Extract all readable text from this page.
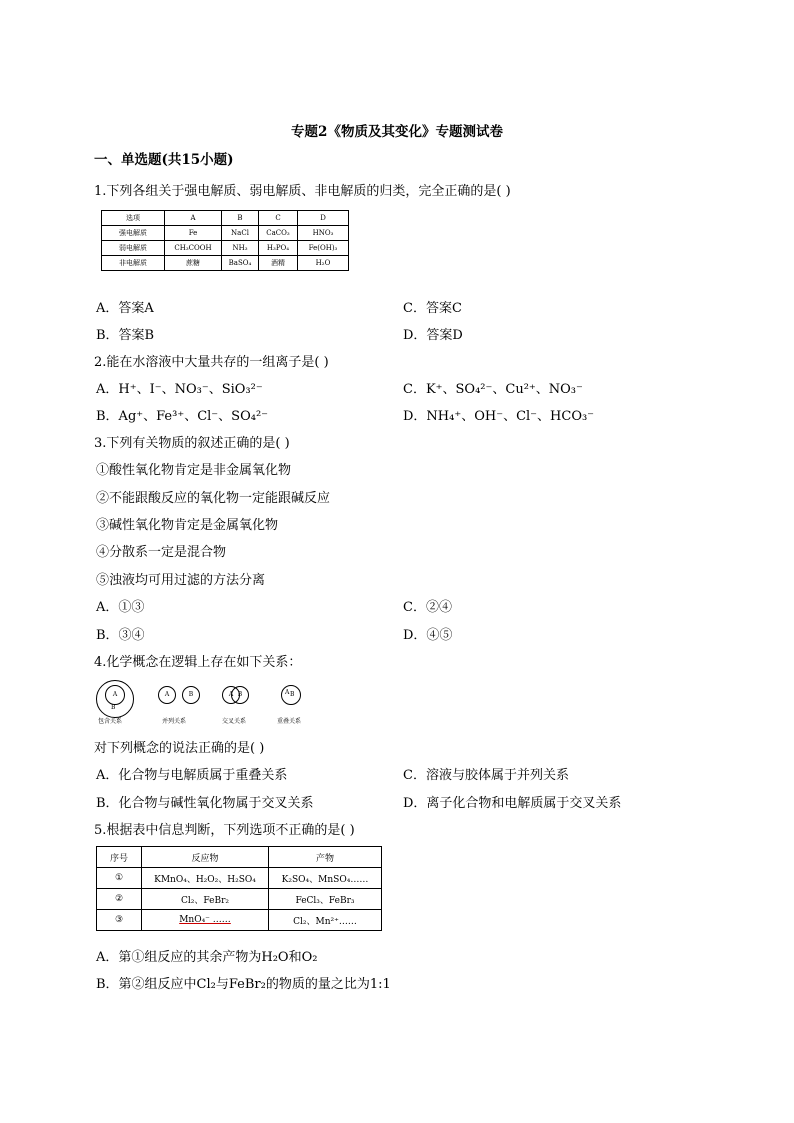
专题2《物质及其变化》专题测试卷
一、单选题(共15小题)
1.下列各组关于强电解质、弱电解质、非电解质的归类，完全正确的是( )
选项	A	B	C	D
强电解质	Fe	NaCl	CaCO₃	HNO₃
弱电解质	CH₃COOH	NH₃	H₃PO₄	Fe(OH)₃
非电解质	蔗糖	BaSO₄	酒精	H₂O
A．答案A	C．答案C
B．答案B	D．答案D
2.能在水溶液中大量共存的一组离子是( )
A．H⁺、I⁻、NO₃⁻、SiO₃²⁻	C．K⁺、SO₄²⁻、Cu²⁺、NO₃⁻
B．Ag⁺、Fe³⁺、Cl⁻、SO₄²⁻	D．NH₄⁺、OH⁻、Cl⁻、HCO₃⁻
3.下列有关物质的叙述正确的是( )
①酸性氧化物肯定是非金属氧化物
②不能跟酸反应的氧化物一定能跟碱反应
③碱性氧化物肯定是金属氧化物
④分散系一定是混合物
⑤浊液均可用过滤的方法分离
A．①③	C．②④
B．③④	D．④⑤
4.化学概念在逻辑上存在如下关系：
A
B
包含关系
A	B
并列关系
A B
交叉关系
A B
重叠关系
对下列概念的说法正确的是( )
A．化合物与电解质属于重叠关系	C．溶液与胶体属于并列关系
B．化合物与碱性氧化物属于交叉关系	D．离子化合物和电解质属于交叉关系
5.根据表中信息判断，下列选项不正确的是( )
序号	反应物	产物
①	KMnO₄、H₂O₂、H₂SO₄	K₂SO₄、MnSO₄……
②	Cl₂、FeBr₂	FeCl₃、FeBr₃
③	MnO₄⁻ ……	Cl₂、Mn²⁺……
A．第①组反应的其余产物为H₂O和O₂
B．第②组反应中Cl₂与FeBr₂的物质的量之比为1:1
